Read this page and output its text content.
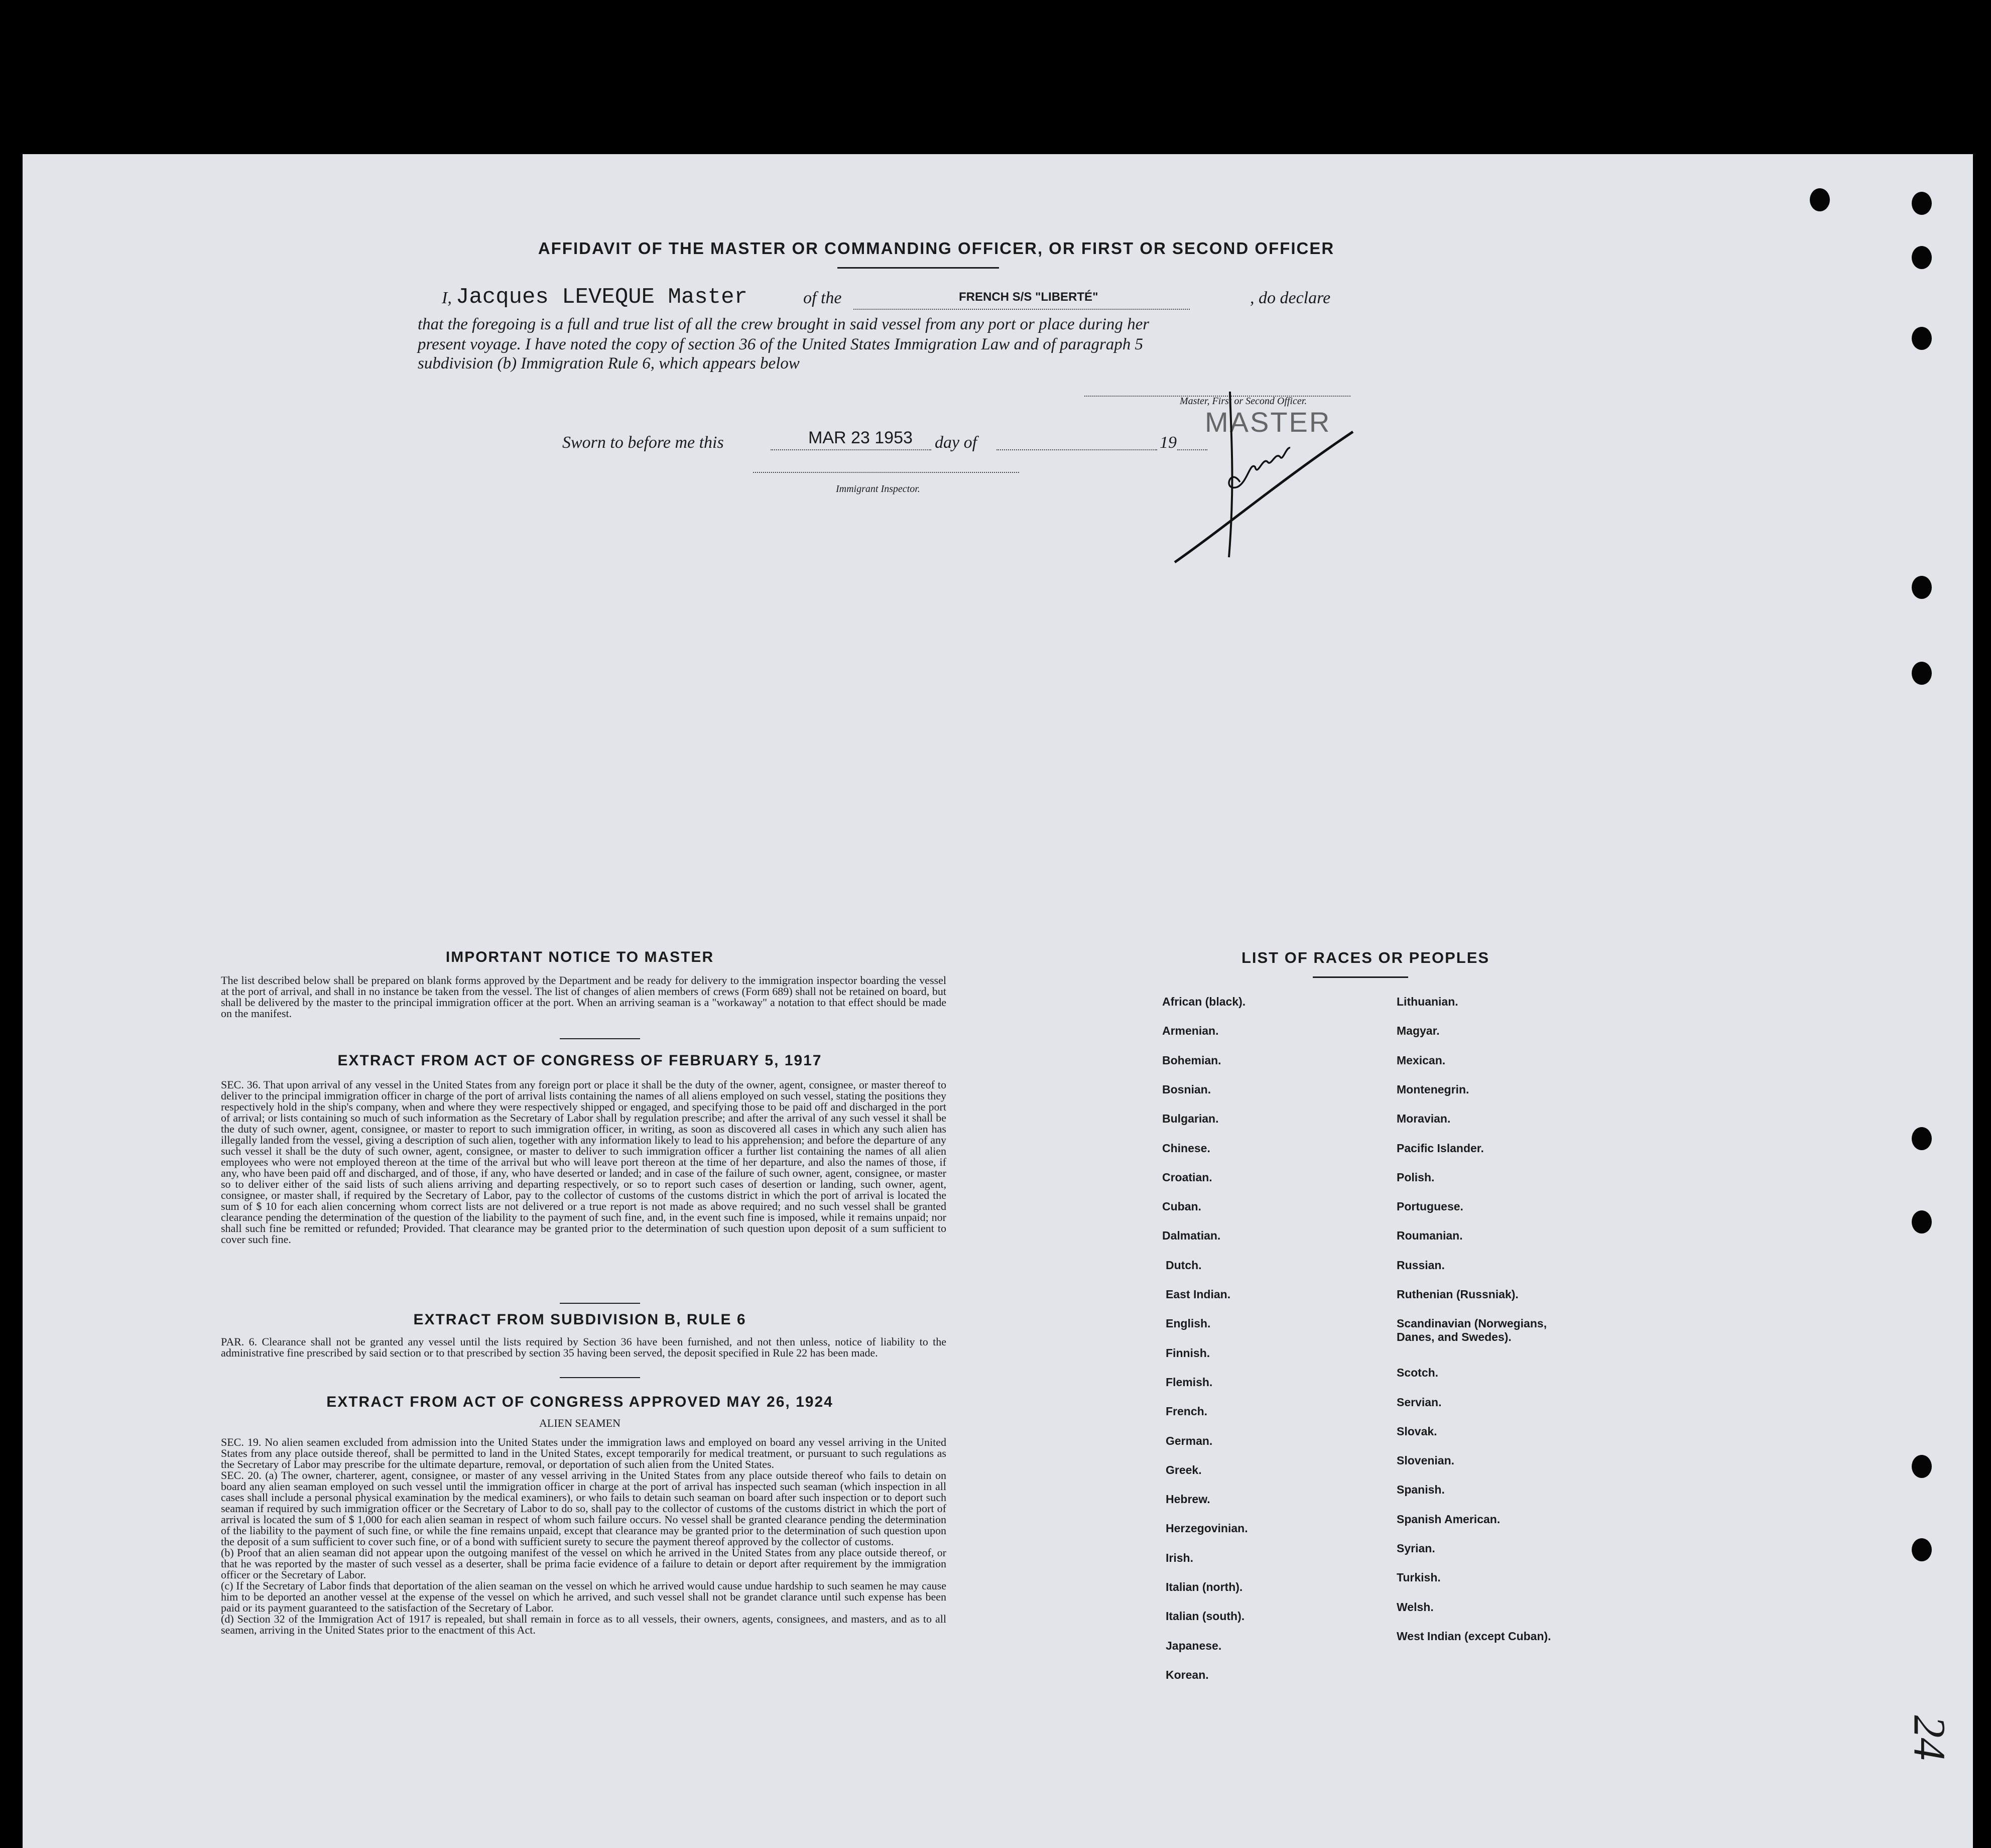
AFFIDAVIT OF THE MASTER OR COMMANDING OFFICER, OR FIRST OR SECOND OFFICER
I, Jacques LEVEQUE Master	of the	FRENCH S/S "LIBERTÉ"	, do declare
that the foregoing is a full and true list of all the crew brought in said vessel from any port or place during her
present voyage. I have noted the copy of section 36 of the United States Immigration Law and of paragraph 5
subdivision (b) Immigration Rule 6, which appears below
Master, First or Second Officer.
MASTER
Sworn to before me this	MAR 23 1953 day of	19
Immigrant Inspector.
IMPORTANT NOTICE TO MASTER
The list described below shall be prepared on blank forms approved by the Department and be ready for delivery to the immigration inspector boarding the vessel at the port of arrival, and shall in no instance be taken from the vessel. The list of changes of alien members of crews (Form 689) shall not be retained on board, but shall be delivered by the master to the principal immigration officer at the port. When an arriving seaman is a "workaway" a notation to that effect should be made on the manifest.
EXTRACT FROM ACT OF CONGRESS OF FEBRUARY 5, 1917
SEC. 36. That upon arrival of any vessel in the United States from any foreign port or place it shall be the duty of the owner, agent, consignee, or master thereof to deliver to the principal immigration officer in charge of the port of arrival lists containing the names of all aliens employed on such vessel, stating the positions they respectively hold in the ship's company, when and where they were respectively shipped or engaged, and specifying those to be paid off and discharged in the port of arrival; or lists containing so much of such information as the Secretary of Labor shall by regulation prescribe; and after the arrival of any such vessel it shall be the duty of such owner, agent, consignee, or master to report to such immigration officer, in writing, as soon as discovered all cases in which any such alien has illegally landed from the vessel, giving a description of such alien, together with any information likely to lead to his apprehension; and before the departure of any such vessel it shall be the duty of such owner, agent, consignee, or master to deliver to such immigration officer a further list containing the names of all alien employees who were not employed thereon at the time of the arrival but who will leave port thereon at the time of her departure, and also the names of those, if any, who have been paid off and discharged, and of those, if any, who have deserted or landed; and in case of the failure of such owner, agent, consignee, or master so to deliver either of the said lists of such aliens arriving and departing respectively, or so to report such cases of desertion or landing, such owner, agent, consignee, or master shall, if required by the Secretary of Labor, pay to the collector of customs of the customs district in which the port of arrival is located the sum of $ 10 for each alien concerning whom correct lists are not delivered or a true report is not made as above required; and no such vessel shall be granted clearance pending the determination of the question of the liability to the payment of such fine, and, in the event such fine is imposed, while it remains unpaid; nor shall such fine be remitted or refunded; Provided. That clearance may be granted prior to the determination of such question upon deposit of a sum sufficient to cover such fine.
EXTRACT FROM SUBDIVISION B, RULE 6
PAR. 6. Clearance shall not be granted any vessel until the lists required by Section 36 have been furnished, and not then unless, notice of liability to the administrative fine prescribed by said section or to that prescribed by section 35 having been served, the deposit specified in Rule 22 has been made.
EXTRACT FROM ACT OF CONGRESS APPROVED MAY 26, 1924
ALIEN SEAMEN
SEC. 19. No alien seamen excluded from admission into the United States under the immigration laws and employed on board any vessel arriving in the United States from any place outside thereof, shall be permitted to land in the United States, except temporarily for medical treatment, or pursuant to such regulations as the Secretary of Labor may prescribe for the ultimate departure, removal, or deportation of such alien from the United States.
SEC. 20. (a) The owner, charterer, agent, consignee, or master of any vessel arriving in the United States from any place outside thereof who fails to detain on board any alien seaman employed on such vessel until the immigration officer in charge at the port of arrival has inspected such seaman (which inspection in all cases shall include a personal physical examination by the medical examiners), or who fails to detain such seaman on board after such inspection or to deport such seaman if required by such immigration officer or the Secretary of Labor to do so, shall pay to the collector of customs of the customs district in which the port of arrival is located the sum of $ 1,000 for each alien seaman in respect of whom such failure occurs. No vessel shall be granted clearance pending the determination of the liability to the payment of such fine, or while the fine remains unpaid, except that clearance may be granted prior to the determination of such question upon the deposit of a sum sufficient to cover such fine, or of a bond with sufficient surety to secure the payment thereof approved by the collector of customs.
(b) Proof that an alien seaman did not appear upon the outgoing manifest of the vessel on which he arrived in the United States from any place outside thereof, or that he was reported by the master of such vessel as a deserter, shall be prima facie evidence of a failure to detain or deport after requirement by the immigration officer or the Secretary of Labor.
(c) If the Secretary of Labor finds that deportation of the alien seaman on the vessel on which he arrived would cause undue hardship to such seamen he may cause him to be deported an another vessel at the expense of the vessel on which he arrived, and such vessel shall not be grandet clarance until such expense has been paid or its payment guaranteed to the satisfaction of the Secretary of Labor.
(d) Section 32 of the Immigration Act of 1917 is repealed, but shall remain in force as to all vessels, their owners, agents, consignees, and masters, and as to all seamen, arriving in the United States prior to the enactment of this Act.
LIST OF RACES OR PEOPLES
African (black).
Armenian.
Bohemian.
Bosnian.
Bulgarian.
Chinese.
Croatian.
Cuban.
Dalmatian.
Dutch.
East Indian.
English.
Finnish.
Flemish.
French.
German.
Greek.
Hebrew.
Herzegovinian.
Irish.
Italian (north).
Italian (south).
Japanese.
Korean.
Lithuanian.
Magyar.
Mexican.
Montenegrin.
Moravian.
Pacific Islander.
Polish.
Portuguese.
Roumanian.
Russian.
Ruthenian (Russniak).
Scandinavian (Norwegians, Danes, and Swedes).
Scotch.
Servian.
Slovak.
Slovenian.
Spanish.
Spanish American.
Syrian.
Turkish.
Welsh.
West Indian (except Cuban).
24
